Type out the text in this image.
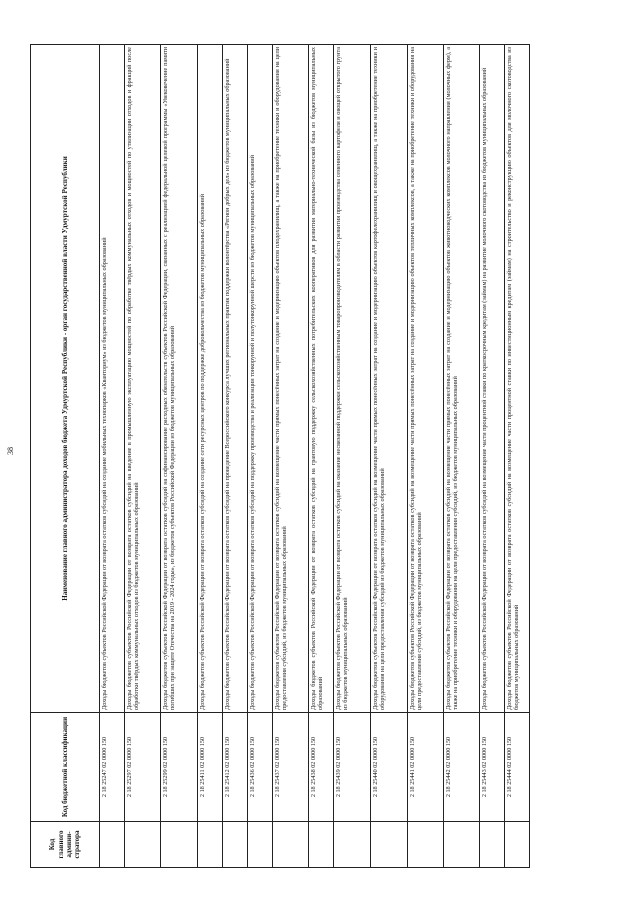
38
Код главного админи-стратора	Код бюджетной классификации	Наименование главного администратора доходов бюджета Удмуртской Республики - орган государственной власти Удмуртской Республики
	2 18 25247 02 0000 150	Доходы бюджетов субъектов Российской Федерации от возврата остатков субсидий на создание мобильных технопарков «Кванториум» из бюджетов муниципальных образований
	2 18 25297 02 0000 150	Доходы бюджетов субъектов Российской Федерации от возврата остатков субсидий на введение в промышленную эксплуатацию мощностей по обработке твёрдых коммунальных отходов и мощностей по утилизации отходов и фракций после обработки твёрдых коммунальных отходов из бюджетов муниципальных образований
	2 18 25299 02 0000 150	Доходы бюджетов субъектов Российской Федерации от возврата остатков субсидий на софинансирование расходных обязательств субъектов Российской Федерации, связанных с реализацией федеральной целевой программы «Увековечение памяти погибших при защите Отечества на 2019 - 2024 годы», из бюджетов субъектов Российской Федерации из бюджетов муниципальных образований
	2 18 25411 02 0000 150	Доходы бюджетов субъектов Российской Федерации от возврата остатков субсидий на создание сети ресурсных центров по поддержке добровольчества из бюджетов муниципальных образований
	2 18 25412 02 0000 150	Доходы бюджетов субъектов Российской Федерации от возврата остатков субсидий на проведение Всероссийского конкурса лучших региональных практик поддержки волонтёрства «Регион добрых дел» из бюджетов муниципальных образований
	2 18 25436 02 0000 150	Доходы бюджетов субъектов Российской Федерации от возврата остатков субсидий на поддержку производства и реализации тонкорунной и полутонкорунной шерсти из бюджетов муниципальных образований
	2 18 25437 02 0000 150	Доходы бюджетов субъектов Российской Федерации от возврата остатков субсидий на возмещение части прямых понесённых затрат на создание и модернизацию объектов плодохранилищ, а также на приобретение техники и оборудования на цели предоставления субсидий, из бюджетов муниципальных образований
	2 18 25438 02 0000 150	Доходы бюджетов субъектов Российской Федерации от возврата остатков субсидий на грантовую поддержку сельскохозяйственных потребительских кооперативов для развития материально-технической базы из бюджетов муниципальных образований
	2 18 25439 02 0000 150	Доходы бюджетов субъектов Российской Федерации от возврата остатков субсидий на оказание несвязанной поддержки сельскохозяйственным товаропроизводителям в области развития производства семенного картофеля и овощей открытого грунта из бюджетов муниципальных образований
	2 18 25440 02 0000 150	Доходы бюджетов субъектов Российской Федерации от возврата остатков субсидий на возмещение части прямых понесённых затрат на создание и модернизацию объектов картофелехранилищ и овощехранилищ, а также на приобретение техники и оборудования на цели предоставления субсидий из бюджетов муниципальных образований
	2 18 25441 02 0000 150	Доходы бюджетов субъектов Российской Федерации от возврата остатков субсидий на возмещение части прямых понесённых затрат на создание и модернизацию объектов тепличных комплексов, а также на приобретение техники и оборудования на цели предоставления субсидий, из бюджетов муниципальных образований
	2 18 25442 02 0000 150	Доходы бюджетов субъектов Российской Федерации от возврата остатков субсидий на возмещение части прямых понесённых затрат на создание и модернизацию объектов животноводческих комплексов молочного направления (молочных ферм), а также на приобретение техники и оборудования на цели предоставления субсидий, из бюджетов муниципальных образований
	2 18 25443 02 0000 150	Доходы бюджетов субъектов Российской Федерации от возврата остатков субсидий на возмещение части процентной ставки по краткосрочным кредитам (займам) на развитие молочного скотоводства из бюджетов муниципальных образований
	2 18 25444 02 0000 150	Доходы бюджетов субъектов Российской Федерации от возврата остатков субсидий на возмещение части процентной ставки по инвестиционным кредитам (займам) на строительство и реконструкцию объектов для молочного скотоводства из бюджетов муниципальных образований
